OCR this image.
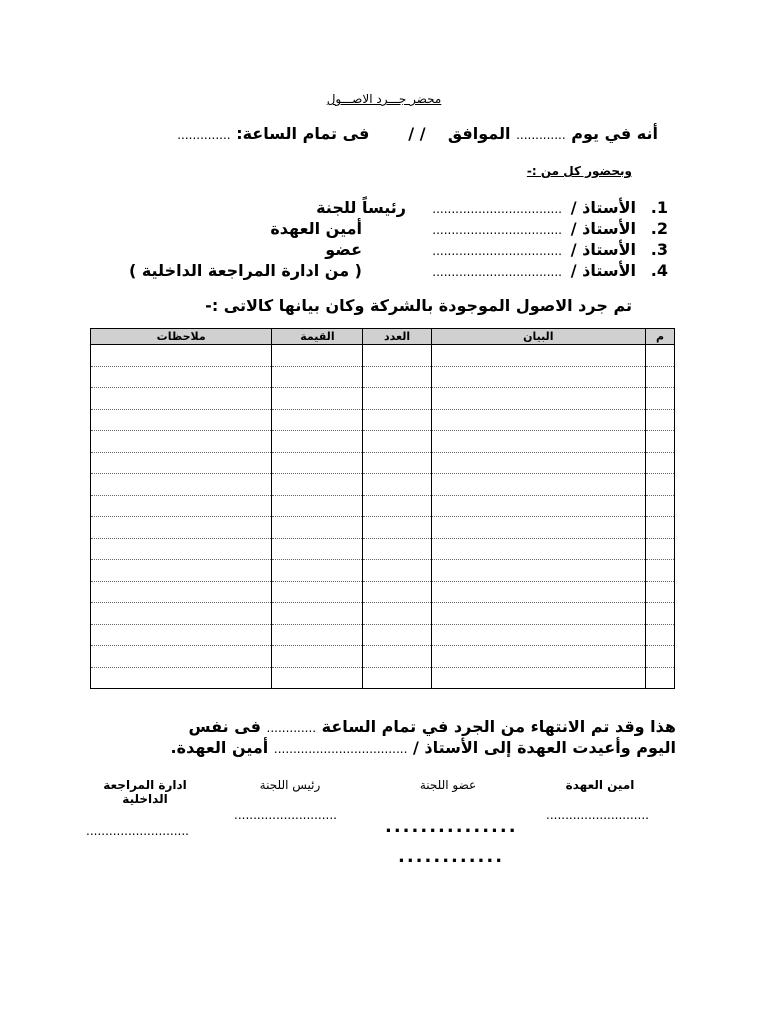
محضر جـــرد الاصـــول
أنه في يوم ............. الموافق    / /       فى تمام الساعة: ..............
وبحضور كل من :-
1.
الأستاذ /
..................................
رئيساً للجنة
2.
الأستاذ /
..................................
أمين العهدة
3.
الأستاذ /
..................................
عضو
4.
الأستاذ /
..................................
( من ادارة المراجعة الداخلية )
تم جرد الاصول الموجودة بالشركة وكان بيانها كالاتى :-
م	البيان	العدد	القيمة	ملاحظات

هذا وقد تم الانتهاء من الجرد في تمام الساعة ............. فى نفس
اليوم وأعيدت العهدة إلى الأستاذ / ................................... أمين العهدة.
امين العهدة
...........................
عضو اللجنة
...............
............
رئيس اللجنة
...........................
ادارة المراجعة الداخلية
...........................
